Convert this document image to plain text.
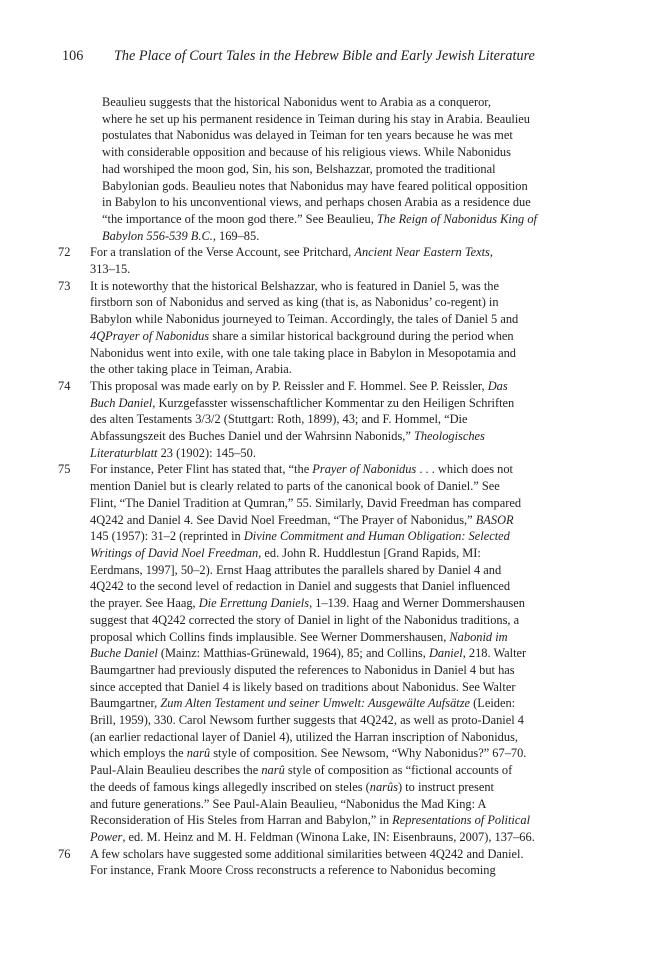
106 The Place of Court Tales in the Hebrew Bible and Early Jewish Literature
Beaulieu suggests that the historical Nabonidus went to Arabia as a conqueror,
where he set up his permanent residence in Teiman during his stay in Arabia. Beaulieu
postulates that Nabonidus was delayed in Teiman for ten years because he was met
with considerable opposition and because of his religious views. While Nabonidus
had worshiped the moon god, Sin, his son, Belshazzar, promoted the traditional
Babylonian gods. Beaulieu notes that Nabonidus may have feared political opposition
in Babylon to his unconventional views, and perhaps chosen Arabia as a residence due
“the importance of the moon god there.” See Beaulieu, The Reign of Nabonidus King of
Babylon 556-539 B.C., 169–85.
72	For a translation of the Verse Account, see Pritchard, Ancient Near Eastern Texts,
313–15.
73	It is noteworthy that the historical Belshazzar, who is featured in Daniel 5, was the
firstborn son of Nabonidus and served as king (that is, as Nabonidus’ co-regent) in
Babylon while Nabonidus journeyed to Teiman. Accordingly, the tales of Daniel 5 and
4QPrayer of Nabonidus share a similar historical background during the period when
Nabonidus went into exile, with one tale taking place in Babylon in Mesopotamia and
the other taking place in Teiman, Arabia.
74	This proposal was made early on by P. Reissler and F. Hommel. See P. Reissler, Das
Buch Daniel, Kurzgefasster wissenschaftlicher Kommentar zu den Heiligen Schriften
des alten Testaments 3/3/2 (Stuttgart: Roth, 1899), 43; and F. Hommel, “Die
Abfassungszeit des Buches Daniel und der Wahrsinn Nabonids,” Theologisches
Literaturblatt 23 (1902): 145–50.
75	For instance, Peter Flint has stated that, “the Prayer of Nabonidus . . . which does not
mention Daniel but is clearly related to parts of the canonical book of Daniel.” See
Flint, “The Daniel Tradition at Qumran,” 55. Similarly, David Freedman has compared
4Q242 and Daniel 4. See David Noel Freedman, “The Prayer of Nabonidus,” BASOR
145 (1957): 31–2 (reprinted in Divine Commitment and Human Obligation: Selected
Writings of David Noel Freedman, ed. John R. Huddlestun [Grand Rapids, MI:
Eerdmans, 1997], 50–2). Ernst Haag attributes the parallels shared by Daniel 4 and
4Q242 to the second level of redaction in Daniel and suggests that Daniel influenced
the prayer. See Haag, Die Errettung Daniels, 1–139. Haag and Werner Dommershausen
suggest that 4Q242 corrected the story of Daniel in light of the Nabonidus traditions, a
proposal which Collins finds implausible. See Werner Dommershausen, Nabonid im
Buche Daniel (Mainz: Matthias-Grünewald, 1964), 85; and Collins, Daniel, 218. Walter
Baumgartner had previously disputed the references to Nabonidus in Daniel 4 but has
since accepted that Daniel 4 is likely based on traditions about Nabonidus. See Walter
Baumgartner, Zum Alten Testament und seiner Umwelt: Ausgewälte Aufsätze (Leiden:
Brill, 1959), 330. Carol Newsom further suggests that 4Q242, as well as proto-Daniel 4
(an earlier redactional layer of Daniel 4), utilized the Harran inscription of Nabonidus,
which employs the narû style of composition. See Newsom, “Why Nabonidus?” 67–70.
Paul-Alain Beaulieu describes the narû style of composition as “fictional accounts of
the deeds of famous kings allegedly inscribed on steles (narûs) to instruct present
and future generations.” See Paul-Alain Beaulieu, “Nabonidus the Mad King: A
Reconsideration of His Steles from Harran and Babylon,” in Representations of Political
Power, ed. M. Heinz and M. H. Feldman (Winona Lake, IN: Eisenbrauns, 2007), 137–66.
76	A few scholars have suggested some additional similarities between 4Q242 and Daniel.
For instance, Frank Moore Cross reconstructs a reference to Nabonidus becoming
